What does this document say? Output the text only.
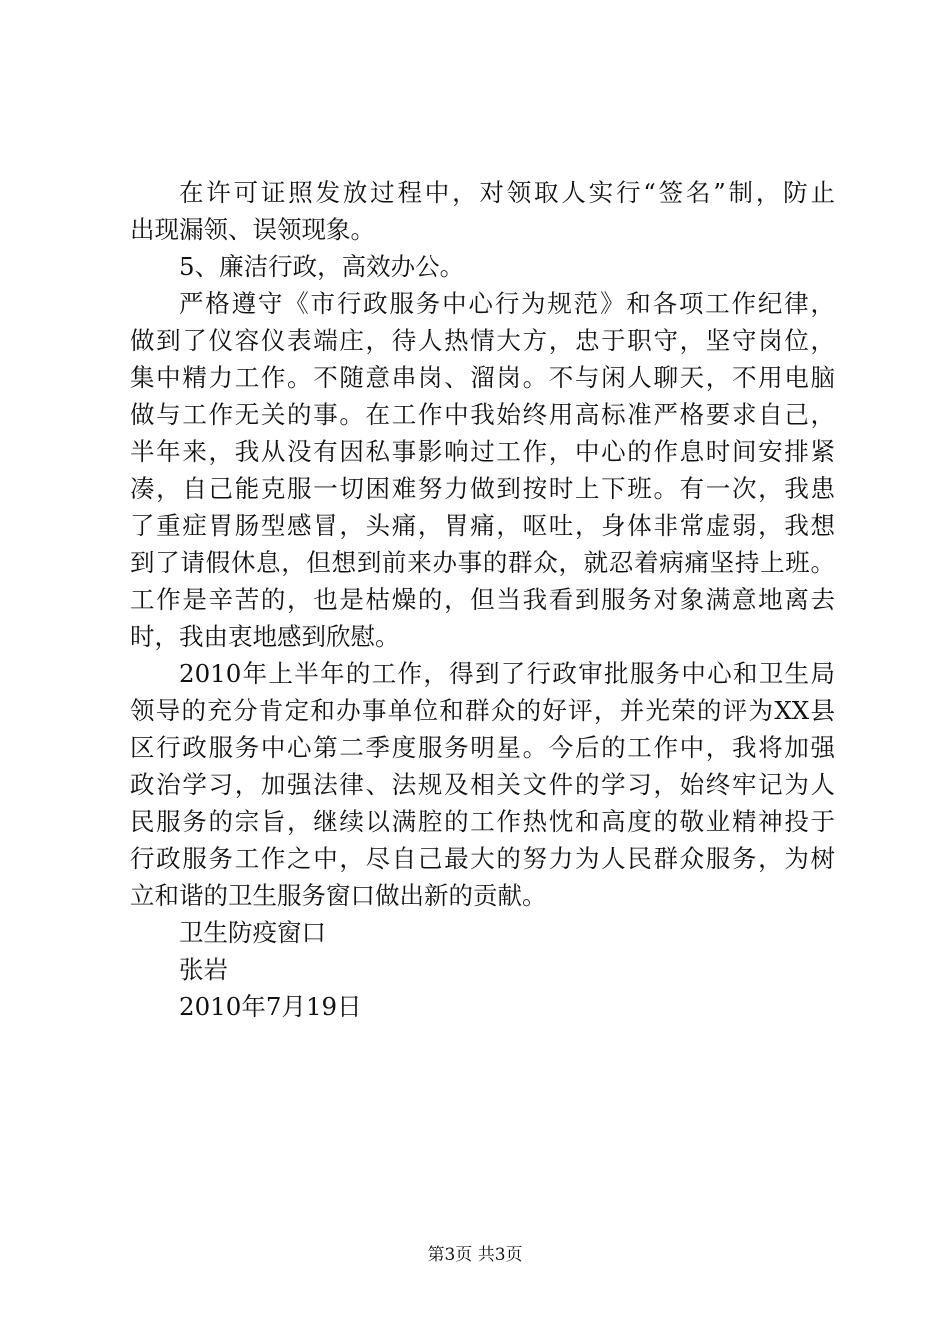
在许可证照发放过程中，对领取人实行“签名”制，防止
出现漏领、误领现象。
5、廉洁行政，高效办公。
严格遵守《市行政服务中心行为规范》和各项工作纪律，
做到了仪容仪表端庄，待人热情大方，忠于职守，坚守岗位，
集中精力工作。不随意串岗、溜岗。不与闲人聊天，不用电脑
做与工作无关的事。在工作中我始终用高标准严格要求自己，
半年来，我从没有因私事影响过工作，中心的作息时间安排紧
凑，自己能克服一切困难努力做到按时上下班。有一次，我患
了重症胃肠型感冒，头痛，胃痛，呕吐，身体非常虚弱，我想
到了请假休息，但想到前来办事的群众，就忍着病痛坚持上班。
工作是辛苦的，也是枯燥的，但当我看到服务对象满意地离去
时，我由衷地感到欣慰。
2010年上半年的工作，得到了行政审批服务中心和卫生局
领导的充分肯定和办事单位和群众的好评，并光荣的评为XX县
区行政服务中心第二季度服务明星。今后的工作中，我将加强
政治学习，加强法律、法规及相关文件的学习，始终牢记为人
民服务的宗旨，继续以满腔的工作热忱和高度的敬业精神投于
行政服务工作之中，尽自己最大的努力为人民群众服务，为树
立和谐的卫生服务窗口做出新的贡献。
卫生防疫窗口
张岩
2010年7月19日
第3页 共3页
